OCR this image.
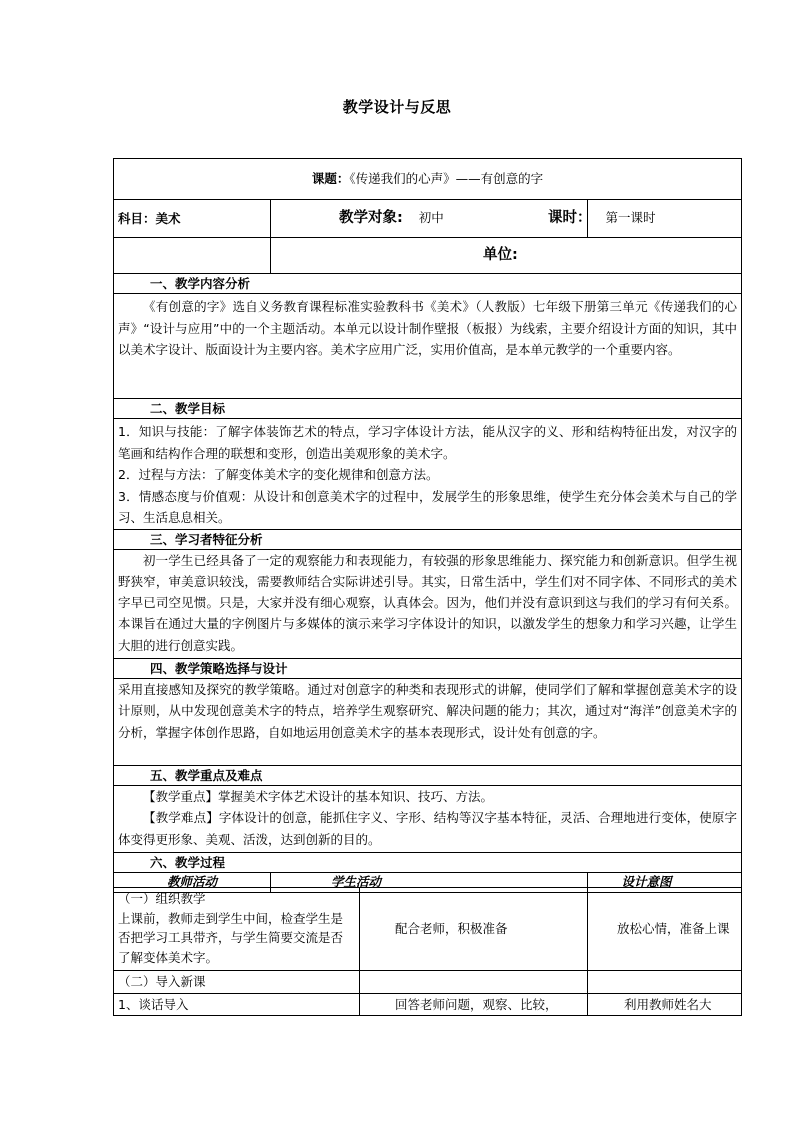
教学设计与反思
课题：《传递我们的心声》——有创意的字		
科目：美术	教学对象: 初中	课时： 第一课时
	单位:	
一、教学内容分析		
《有创意的字》选自义务教育课程标准实验教科书《美术》（人教版）七年级下册第三单元《传递我们的心声》“设计与应用”中的一个主题活动。本单元以设计制作壁报（板报）为线索，主要介绍设计方面的知识，其中以美术字设计、版面设计为主要内容。美术字应用广泛，实用价值高，是本单元教学的一个重要内容。		
二、教学目标		

1．知识与技能：了解字体装饰艺术的特点，学习字体设计方法，能从汉字的义、形和结构特征出发，对汉字的笔画和结构作合理的联想和变形，创造出美观形象的美术字。
2．过程与方法：了解变体美术字的变化规律和创意方法。
3．情感态度与价值观：从设计和创意美术字的过程中，发展学生的形象思维，使学生充分体会美术与自己的学习、生活息息相关。		

三、学习者特征分析		
初一学生已经具备了一定的观察能力和表现能力，有较强的形象思维能力、探究能力和创新意识。但学生视野狭窄，审美意识较浅，需要教师结合实际讲述引导。其实，日常生活中，学生们对不同字体、不同形式的美术字早已司空见惯。只是，大家并没有细心观察，认真体会。因为，他们并没有意识到这与我们的学习有何关系。本课旨在通过大量的字例图片与多媒体的演示来学习字体设计的知识，以激发学生的想象力和学习兴趣，让学生大胆的进行创意实践。		
四、教学策略选择与设计		
采用直接感知及探究的教学策略。通过对创意字的种类和表现形式的讲解，使同学们了解和掌握创意美术字的设计原则，从中发现创意美术字的特点，培养学生观察研究、解决问题的能力；其次，通过对“海洋”创意美术字的分析，掌握字体创作思路，自如地运用创意美术字的基本表现形式，设计处有创意的字。		
五、教学重点及难点		

【教学重点】掌握美术字体艺术设计的基本知识、技巧、方法。
【教学难点】字体设计的创意，能抓住字义、字形、结构等汉字基本特征，灵活、合理地进行变体，使原字体变得更形象、美观、活泼，达到创新的目的。		

六、教学过程		
教师活动	学生活动	设计意图
（一）组织教学
上课前，教师走到学生中间，检查学生是否把学习工具带齐，与学生简要交流是否了解变体美术字。	配合老师，积极准备	放松心情，准备上课
（二）导入新课		
1、谈话导入	回答老师问题，观察、比较，	利用教师姓名大
